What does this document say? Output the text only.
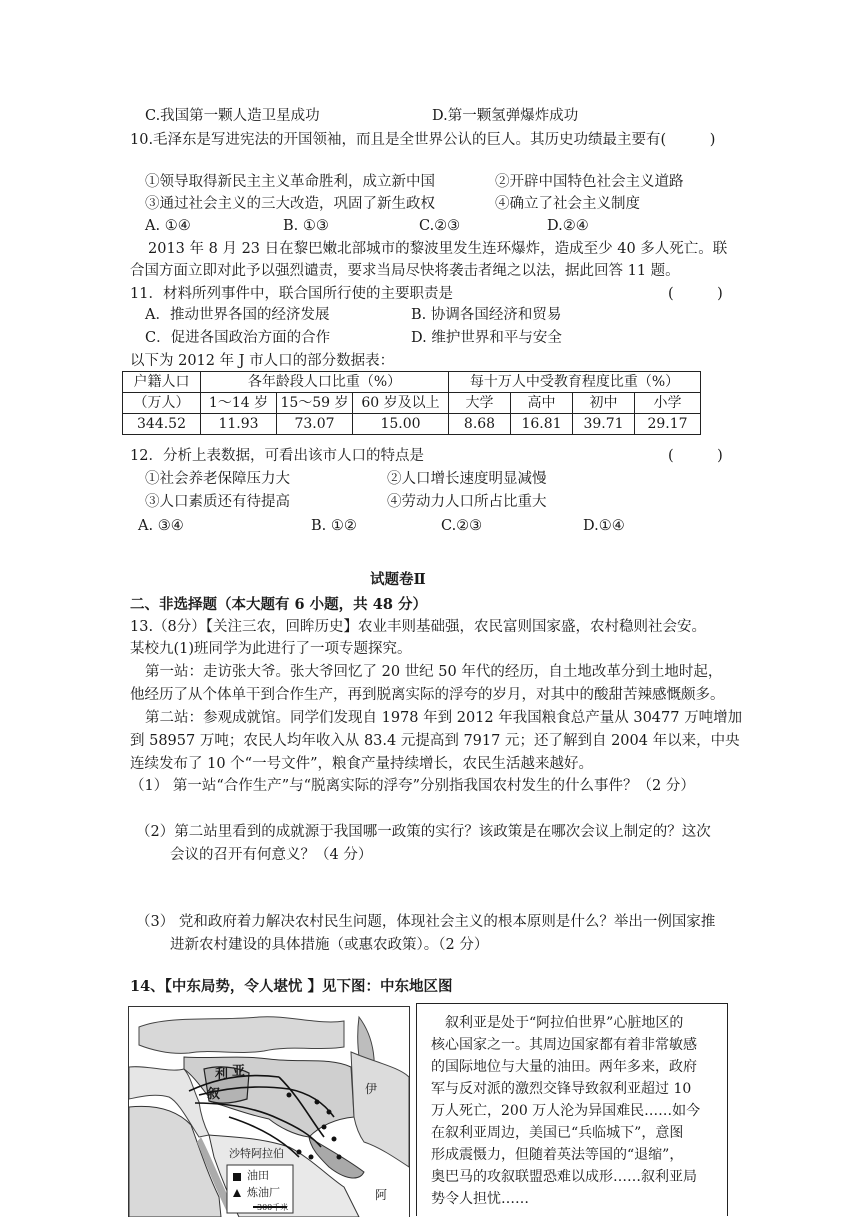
C.我国第一颗人造卫星成功	D.第一颗氢弹爆炸成功
10.毛泽东是写进宪法的开国领袖，而且是全世界公认的巨人。其历史功绩最主要有(　　　)
①领导取得新民主主义革命胜利，成立新中国	②开辟中国特色社会主义道路
③通过社会主义的三大改造，巩固了新生政权	④确立了社会主义制度
A. ①④	B. ①③	C.②③	D.②④
2013 年 8 月 23 日在黎巴嫩北部城市的黎波里发生连环爆炸，造成至少 40 多人死亡。联
合国方面立即对此予以强烈谴责，要求当局尽快将袭击者绳之以法，据此回答 11 题。
11．材料所列事件中，联合国所行使的主要职责是	(　　　)
A．推动世界各国的经济发展	B. 协调各国经济和贸易
C．促进各国政治方面的合作	D. 维护世界和平与安全
以下为 2012 年 J 市人口的部分数据表：
户籍人口	各年龄段人口比重（%）			每十万人中受教育程度比重（%）			
（万人）	1～14 岁	15～59 岁	60 岁及以上	大学	高中	初中	小学
344.52	11.93	73.07	15.00	8.68	16.81	39.71	29.17
12．分析上表数据，可看出该市人口的特点是	(　　　)
①社会养老保障压力大	②人口增长速度明显减慢
③人口素质还有待提高	④劳动力人口所占比重大
A. ③④	B. ①②	C.②③	D.①④
试题卷Ⅱ
二、非选择题（本大题有 6 小题，共 48 分）
13.（8分）【关注三农，回眸历史】农业丰则基础强，农民富则国家盛，农村稳则社会安。
某校九(1)班同学为此进行了一项专题探究。
第一站：走访张大爷。张大爷回忆了 20 世纪 50 年代的经历，自土地改革分到土地时起，
他经历了从个体单干到合作生产，再到脱离实际的浮夸的岁月，对其中的酸甜苦辣感慨颇多。
第二站：参观成就馆。同学们发现自 1978 年到 2012 年我国粮食总产量从 30477 万吨增加
到 58957 万吨；农民人均年收入从 83.4 元提高到 7917 元；还了解到自 2004 年以来，中央
连续发布了 10 个“一号文件”，粮食产量持续增长，农民生活越来越好。
（1） 第一站“合作生产”与“脱离实际的浮夸”分别指我国农村发生的什么事件？（2 分）
（2）第二站里看到的成就源于我国哪一政策的实行？该政策是在哪次会议上制定的？这次
会议的召开有何意义？（4 分）
（3） 党和政府着力解决农村民生问题，体现社会主义的根本原则是什么？举出一例国家推
进新农村建设的具体措施（或惠农政策）。（2 分）
14、【中东局势，令人堪忧 】见下图：中东地区图
利 亚
叙	伊
沙特阿拉伯
油田
炼油厂
300千米
阿
叙利亚是处于“阿拉伯世界”心脏地区的
核心国家之一。其周边国家都有着非常敏感
的国际地位与大量的油田。两年多来，政府
军与反对派的激烈交锋导致叙利亚超过 10
万人死亡，200 万人沦为异国难民……如今
在叙利亚周边，美国已“兵临城下”，意图
形成震慑力，但随着英法等国的“退缩”，
奥巴马的攻叙联盟恐难以成形……叙利亚局
势令人担忧……
